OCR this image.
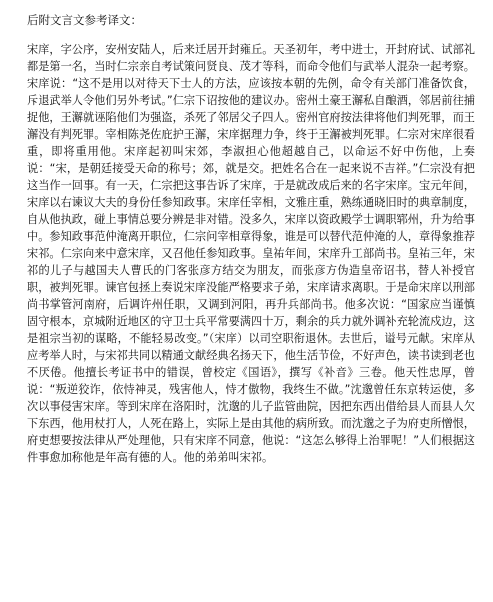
后附文言文参考译文：

宋庠，字公序，安州安陆人，后来迁居开封雍丘。天圣初年，考中进士，开封府试、试部礼都是第一名，当时仁宗亲自考试策问贤良、茂才等科，而命令他们与武举人混杂一起考察。宋庠说：“这不是用以对待天下士人的方法，应该按本朝的先例，命令有关部门准备饮食，斥退武举人令他们另外考试。”仁宗下诏按他的建议办。密州土豪王澥私自酿酒，邻居前往捕捉他，王澥就诬陷他们为强盗，杀死了邻居父子四人。密州官府按法律将他们判死罪，而王澥没有判死罪。宰相陈尧佐庇护王澥，宋庠据理力争，终于王澥被判死罪。仁宗对宋庠很看重，即将重用他。宋庠起初叫宋郊，李淑担心他超越自己，以命运不好中伤他，上奏说：“宋，是朝廷接受天命的称号；郊，就是交。把姓名合在一起来说不吉祥。”仁宗没有把这当作一回事。有一天，仁宗把这事告诉了宋庠，于是就改成后来的名字宋庠。宝元年间，宋庠以右谏议大夫的身份任参知政事。宋庠任宰相，文雅庄重，熟练通晓旧时的典章制度，自从他执政，碰上事情总要分辨是非对错。没多久，宋庠以资政殿学士调职郓州，升为给事中。参知政事范仲淹离开职位，仁宗问宰相章得象，谁是可以替代范仲淹的人，章得象推荐宋祁。仁宗向来中意宋庠，又召他任参知政事。皇祐年间，宋庠升工部尚书。皇祐三年，宋祁的儿子与越国夫人曹氏的门客张彦方结交为朋友，而张彦方伪造皇帝诏书，替人补授官职，被判死罪。谏官包拯上奏说宋庠没能严格要求子弟，宋庠请求离职。于是命宋庠以刑部尚书掌管河南府，后调许州任职，又调到河阳，再升兵部尚书。他多次说：“国家应当谨慎固守根本，京城附近地区的守卫士兵平常要满四十万，剩余的兵力就外调补充轮流戍边，这是祖宗当初的谋略，不能轻易改变。”（宋庠）以司空职衔退休。去世后，谥号元献。宋庠从应考举人时，与宋祁共同以精通文献经典名扬天下，他生活节俭，不好声色，读书读到老也不厌倦。他擅长考证书中的错误，曾校定《国语》，撰写《补音》三卷。他天性忠厚，曾说：“叛逆狡诈，依恃神灵，残害他人，恃才傲物，我终生不做。”沈邈曾任东京转运使，多次以事侵害宋庠。等到宋庠在洛阳时，沈邈的儿子监管曲院，因把东西出借给县人而县人欠下东西，他用杖打人，人死在路上，实际上是由其他的病所致。而沈邈之子为府吏所憎恨，府吏想要按法律从严处理他，只有宋庠不同意，他说：“这怎么够得上治罪呢！”人们根据这件事愈加称他是年高有德的人。他的弟弟叫宋祁。
